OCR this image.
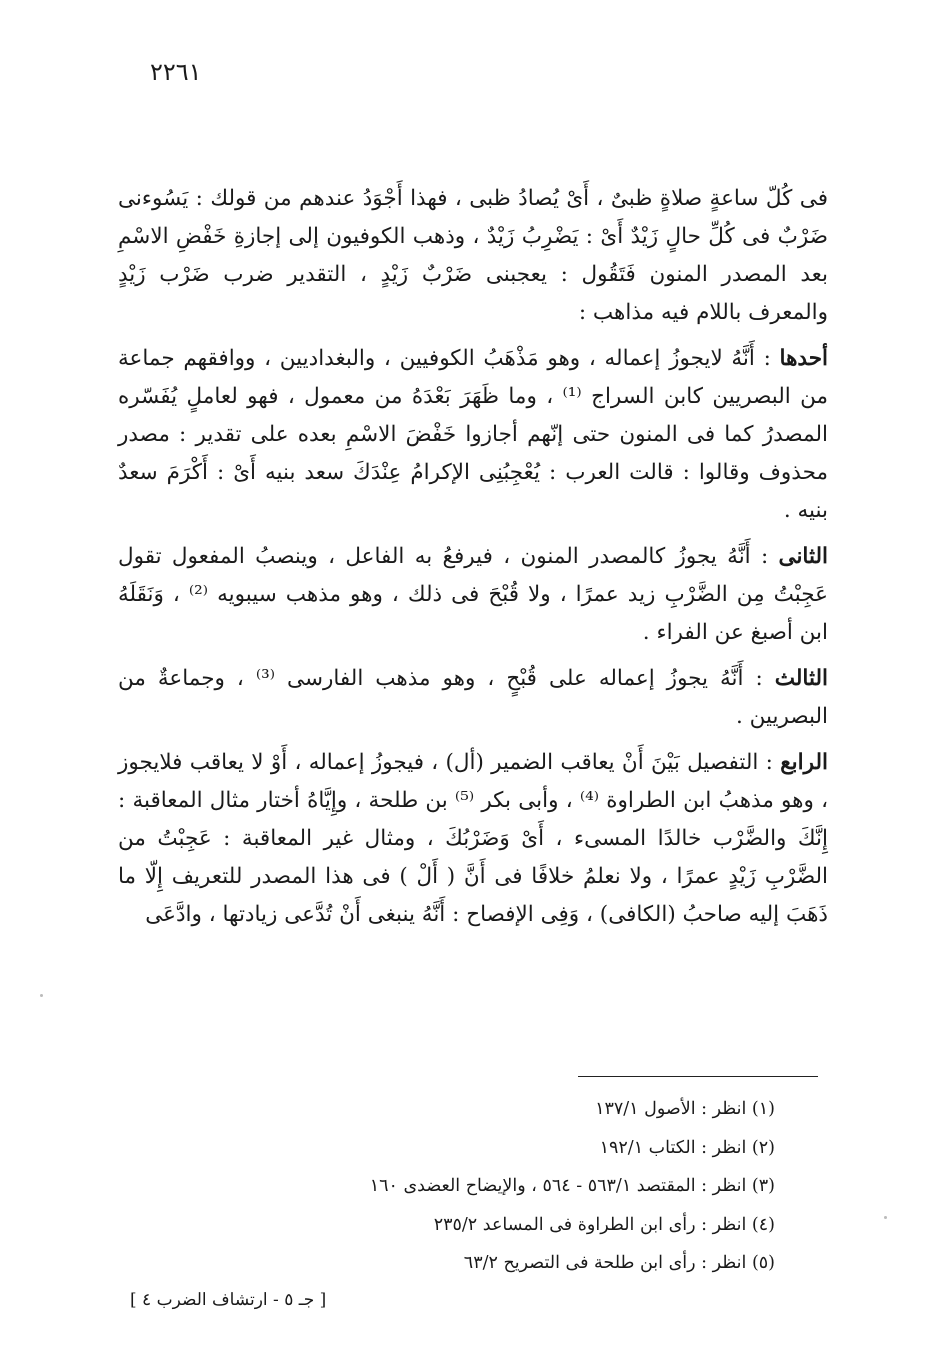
٢٢٦١

فى كُلّ ساعةٍ صلاةٍ ظبىٌ ، أَىْ يُصادُ ظبى ، فهذا أَجْوَدُ عندهم من قولك : يَسُوءنى ضَرْبٌ فى كُلِّ حالٍ زَيْدٌ أَىْ : يَضْرِبُ زَيْدٌ ، وذهب الكوفيون إلى إجازةِ خَفْضِ الاسْمِ بعد المصدر المنون فَتَقُول : يعجبنى ضَرْبٌ زَيْدٍ ، التقدير ضرب ضَرْب زَيْدٍ والمعرف باللام فيه مذاهب :

أحدها : أَنَّهُ لايجوزُ إعماله ، وهو مَذْهَبُ الكوفيين ، والبغداديين ، ووافقهم جماعة من البصريين كابن السراج ⁽¹⁾ ، وما ظَهَرَ بَعْدَهُ من معمول ، فهو لعاملٍ يُفَسّره المصدرُ كما فى المنون حتى إنّهم أجازوا خَفْضَ الاسْمِ بعده على تقدير : مصدر محذوف وقالوا : قالت العرب : يُعْجِبُنِى الإكرامُ عِنْدَكَ سعد بنيه أَىْ : أَكْرَمَ سعدٌ بنيه .

الثانى : أَنَّهُ يجوزُ كالمصدر المنون ، فيرفعُ به الفاعل ، وينصبُ المفعول تقول عَجِبْتُ مِن الضَّرْبِ زيد عمرًا ، ولا قُبْحَ فى ذلك ، وهو مذهب سيبويه ⁽²⁾ ، وَنَقَلَهُ ابن أصبغ عن الفراء .

الثالث : أَنَّهُ يجوزُ إعماله على قُبْحٍ ، وهو مذهب الفارسى ⁽³⁾ ، وجماعةٌ من البصريين .

الرابع : التفصيل بَيْنَ أَنْ يعاقب الضمير (أل) ، فيجوزُ إعماله ، أَوْ لا يعاقب فلايجوز ، وهو مذهبُ ابن الطراوة ⁽⁴⁾ ، وأبى بكر ⁽⁵⁾ بن طلحة ، وإِيَّاهُ أختار مثال المعاقبة : إِنَّكَ والضَّرْب خالدًا المسىء ، أَىْ وَضَرْبُكَ ، ومثال غير المعاقبة : عَجِبْتُ من الضَّرْبِ زَيْدٍ عمرًا ، ولا نعلمُ خلافًا فى أَنَّ ( أَلْ ) فى هذا المصدر للتعريف إِلّا ما ذَهَبَ إليه صاحبُ (الكافى) ، وَفِى الإفصاح : أَنَّهُ ينبغى أَنْ تُدَّعى زيادتها ، وادَّعَى

(١) انظر : الأصول ١٣٧/١
(٢) انظر : الكتاب ١٩٢/١
(٣) انظر : المقتصد ٥٦٣/١ - ٥٦٤ ، والإيضاح العضدى ١٦٠
(٤) انظر : رأى ابن الطراوة فى المساعد ٢٣٥/٢
(٥) انظر : رأى ابن طلحة فى التصريح ٦٣/٢
[ جـ ٥ - ارتشاف الضرب ٤ ]
